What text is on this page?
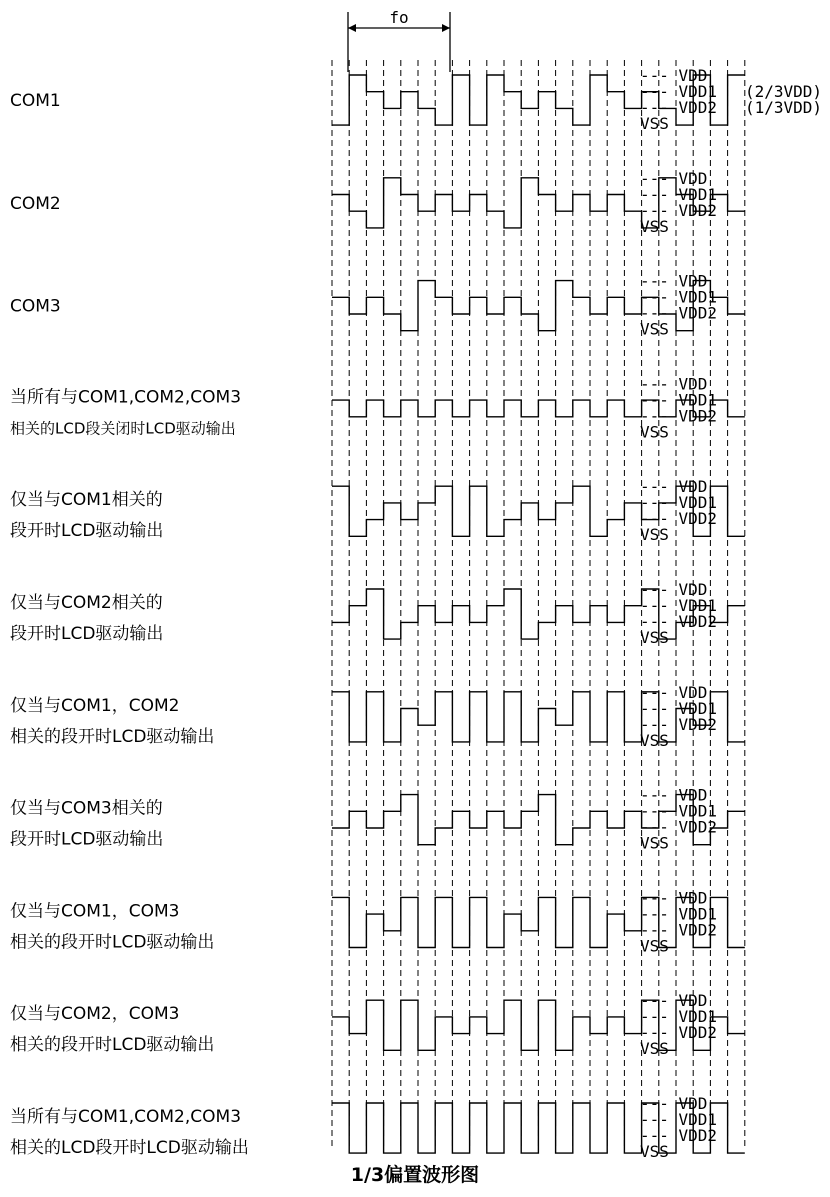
fo
COM1
--- VDD
--- VDD1 (2/3VDD)
--- VDD2 (1/3VDD)
VSS
COM2
--- VDD
--- VDD1
--- VDD2
VSS
COM3
--- VDD
--- VDD1
--- VDD2
VSS
当所有与COM1,COM2,COM3
相关的LCD段关闭时LCD驱动输出
--- VDD
--- VDD1
--- VDD2
VSS
仅当与COM1相关的
段开时LCD驱动输出
--- VDD
--- VDD1
--- VDD2
VSS
仅当与COM2相关的
段开时LCD驱动输出
--- VDD
--- VDD1
--- VDD2
VSS
仅当与COM1，COM2
相关的段开时LCD驱动输出
--- VDD
--- VDD1
--- VDD2
VSS
仅当与COM3相关的
段开时LCD驱动输出
--- VDD
--- VDD1
--- VDD2
VSS
仅当与COM1，COM3
相关的段开时LCD驱动输出
--- VDD
--- VDD1
--- VDD2
VSS
仅当与COM2，COM3
相关的段开时LCD驱动输出
--- VDD
--- VDD1
--- VDD2
VSS
当所有与COM1,COM2,COM3
相关的LCD段开时LCD驱动输出
--- VDD
--- VDD1
--- VDD2
VSS
1/3偏置波形图
